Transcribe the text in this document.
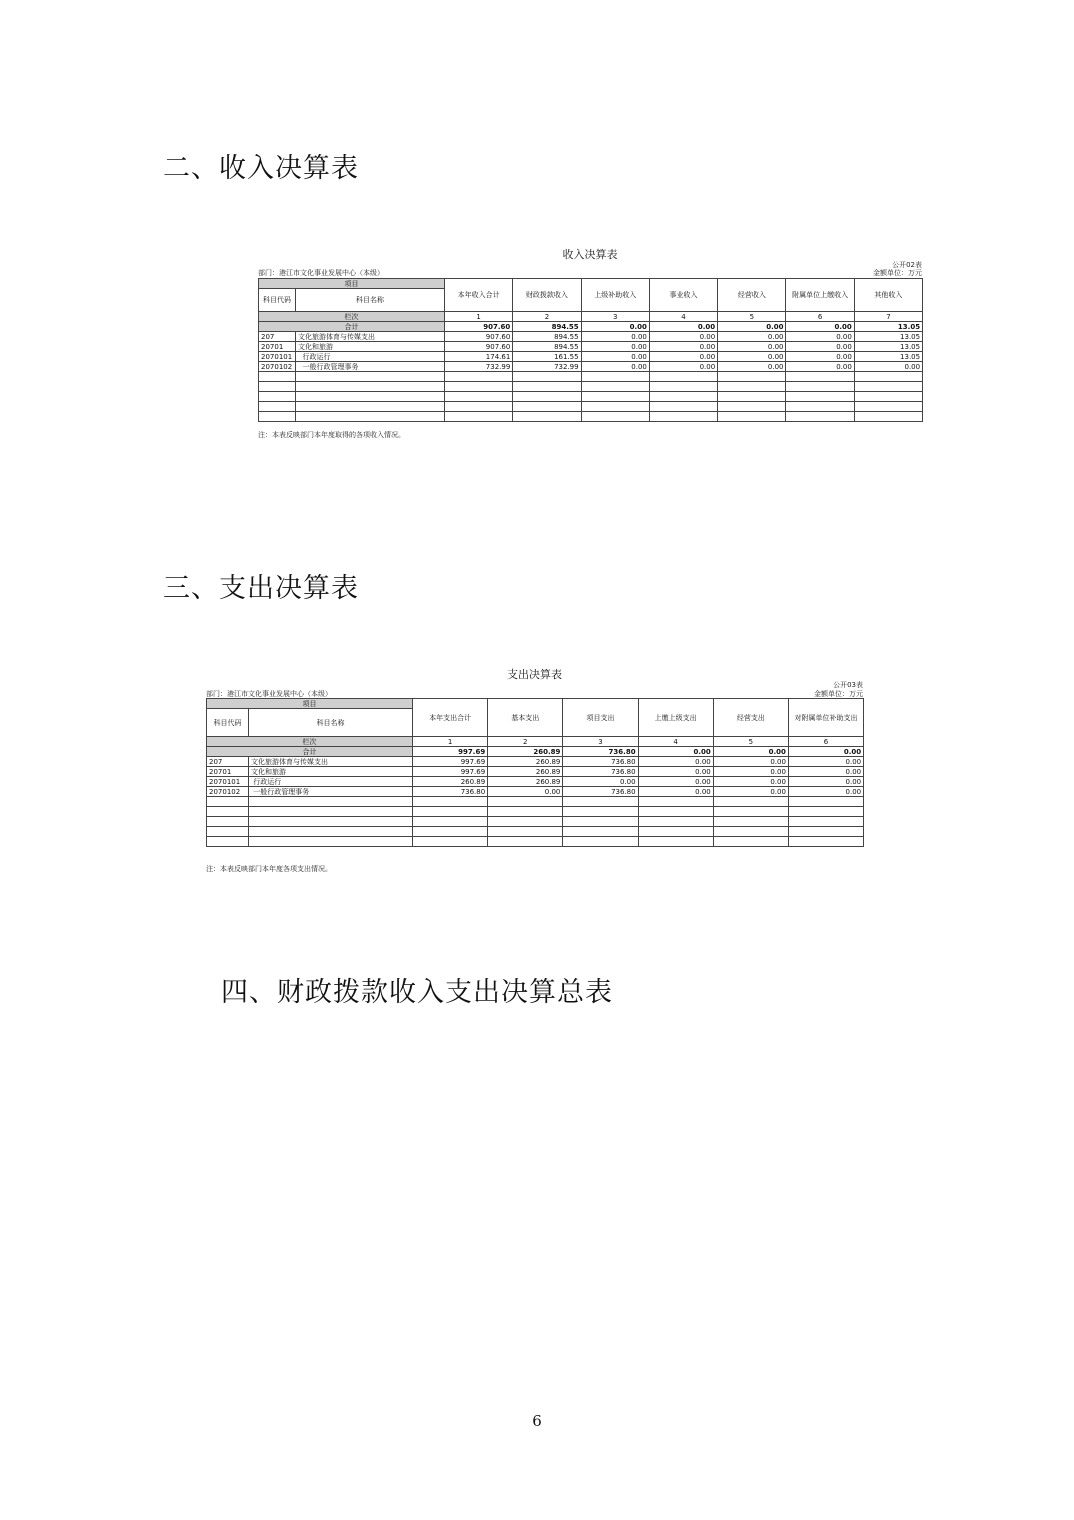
二、收入决算表
收入决算表
公开02表
部门：港江市文化事业发展中心（本级）	金额单位：万元
项目		本年收入合计	财政拨款收入	上级补助收入	事业收入	经营收入	附属单位上缴收入	其他收入
科目代码	科目名称							
栏次		1	2	3	4	5	6	7
合计		907.60	894.55	0.00	0.00	0.00	0.00	13.05
207	文化旅游体育与传媒支出	907.60	894.55	0.00	0.00	0.00	0.00	13.05
20701	文化和旅游	907.60	894.55	0.00	0.00	0.00	0.00	13.05
2070101	行政运行	174.61	161.55	0.00	0.00	0.00	0.00	13.05
2070102	一般行政管理事务	732.99	732.99	0.00	0.00	0.00	0.00	0.00

注：本表反映部门本年度取得的各项收入情况。
三、支出决算表
支出决算表
公开03表
部门：港江市文化事业发展中心（本级）	金额单位：万元
项目		本年支出合计	基本支出	项目支出	上缴上级支出	经营支出	对附属单位补助支出
科目代码	科目名称						
栏次		1	2	3	4	5	6
合计		997.69	260.89	736.80	0.00	0.00	0.00
207	文化旅游体育与传媒支出	997.69	260.89	736.80	0.00	0.00	0.00
20701	文化和旅游	997.69	260.89	736.80	0.00	0.00	0.00
2070101	行政运行	260.89	260.89	0.00	0.00	0.00	0.00
2070102	一般行政管理事务	736.80	0.00	736.80	0.00	0.00	0.00

注：本表反映部门本年度各项支出情况。
四、财政拨款收入支出决算总表
6
